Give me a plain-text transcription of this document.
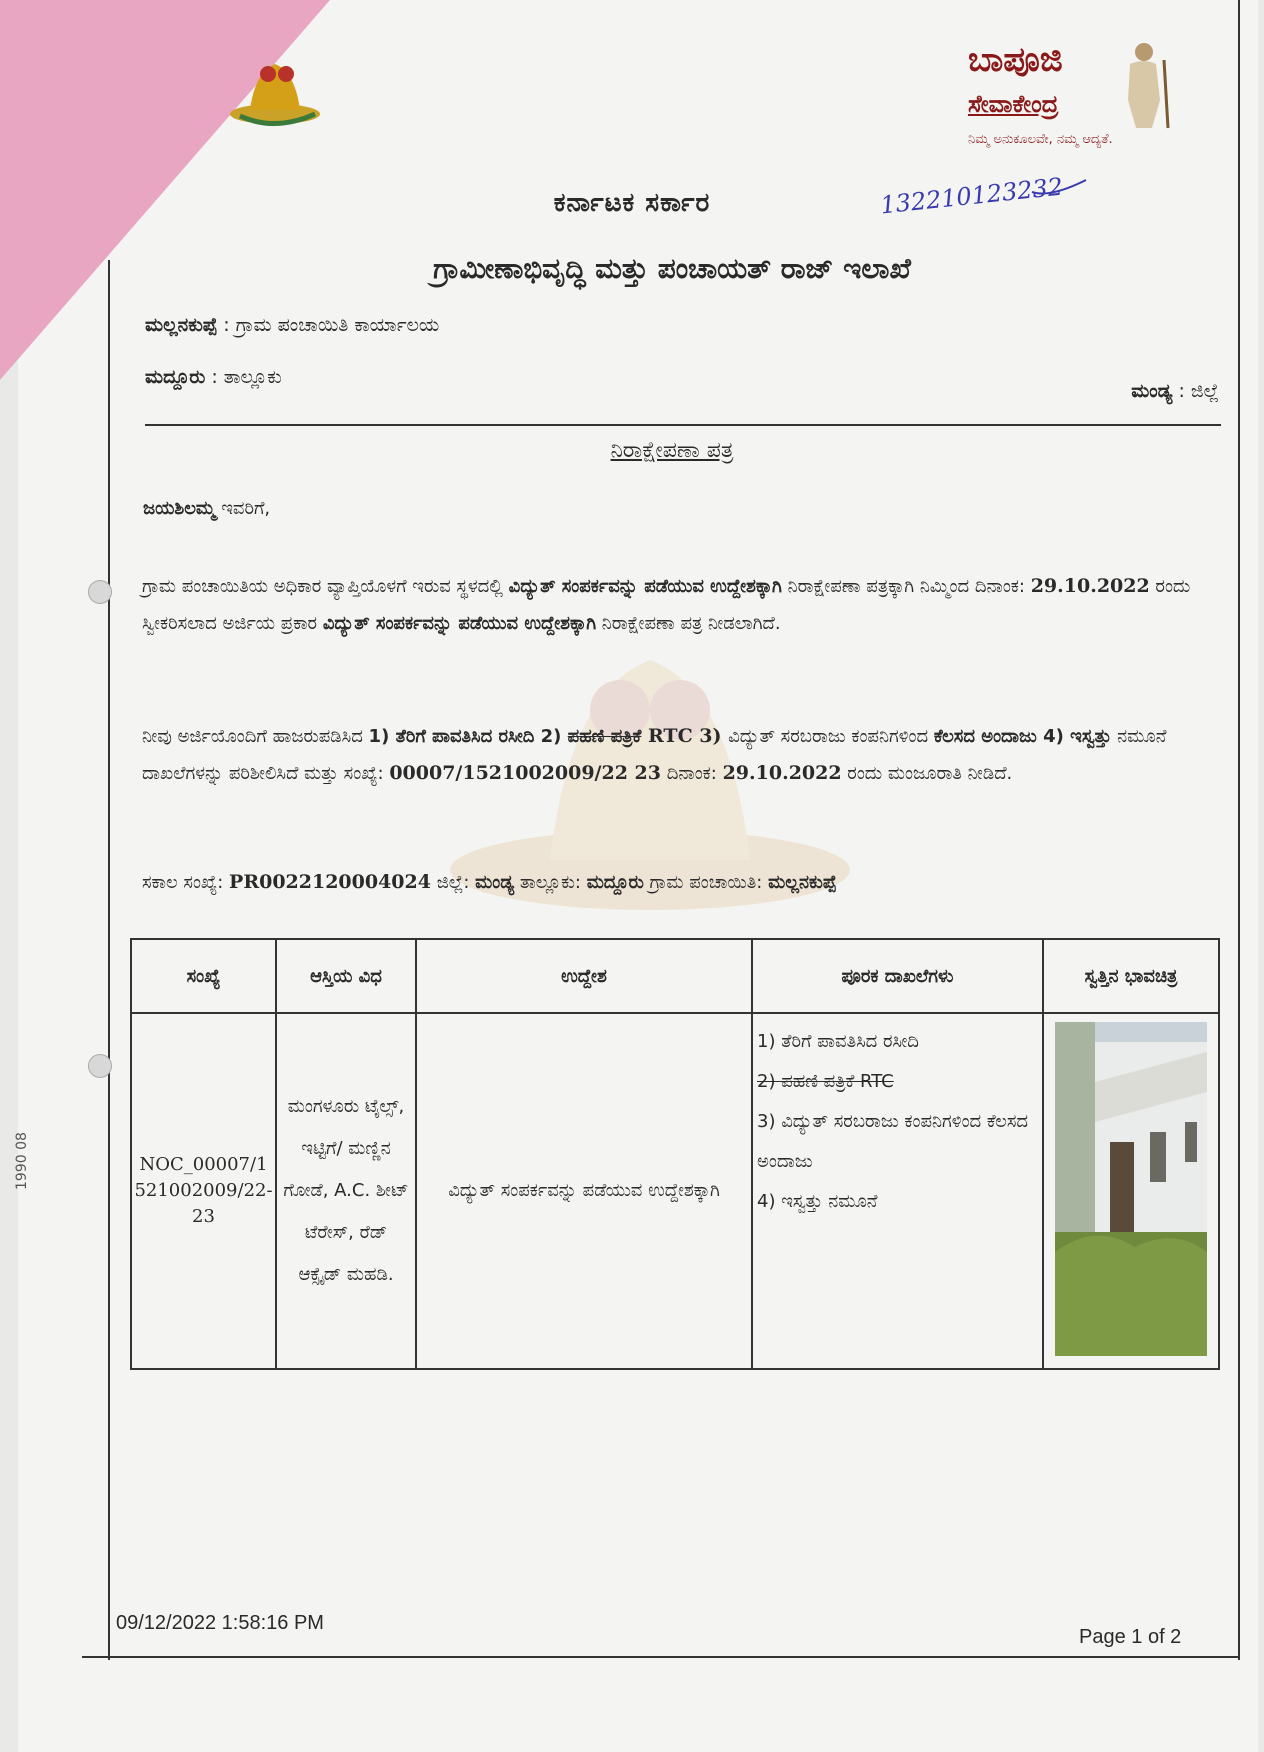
ಬಾಪೂಜಿ
ಸೇವಾಕೇಂದ್ರ
ನಿಮ್ಮ ಅನುಕೂಲವೇ, ನಮ್ಮ ಆದ್ಯತೆ.
132210123232
ಕರ್ನಾಟಕ ಸರ್ಕಾರ
ಗ್ರಾಮೀಣಾಭಿವೃದ್ಧಿ ಮತ್ತು ಪಂಚಾಯತ್ ರಾಜ್ ಇಲಾಖೆ
ಮಲ್ಲನಕುಪ್ಪೆ : ಗ್ರಾಮ ಪಂಚಾಯಿತಿ ಕಾರ್ಯಾಲಯ
ಮದ್ದೂರು : ತಾಲ್ಲೂಕು
ಮಂಡ್ಯ : ಜಿಲ್ಲೆ
ನಿರಾಕ್ಷೇಪಣಾ ಪತ್ರ
ಜಯಶಿಲಮ್ಮ ಇವರಿಗೆ,
ಗ್ರಾಮ ಪಂಚಾಯಿತಿಯ ಅಧಿಕಾರ ವ್ಯಾಪ್ತಿಯೊಳಗೆ ಇರುವ ಸ್ಥಳದಲ್ಲಿ ವಿದ್ಯುತ್ ಸಂಪರ್ಕವನ್ನು ಪಡೆಯುವ ಉದ್ದೇಶಕ್ಕಾಗಿ ನಿರಾಕ್ಷೇಪಣಾ ಪತ್ರಕ್ಕಾಗಿ ನಿಮ್ಮಿಂದ ದಿನಾಂಕ: 29.10.2022 ರಂದು ಸ್ವೀಕರಿಸಲಾದ ಅರ್ಜಿಯ ಪ್ರಕಾರ ವಿದ್ಯುತ್ ಸಂಪರ್ಕವನ್ನು ಪಡೆಯುವ ಉದ್ದೇಶಕ್ಕಾಗಿ ನಿರಾಕ್ಷೇಪಣಾ ಪತ್ರ ನೀಡಲಾಗಿದೆ.
ನೀವು ಅರ್ಜಿಯೊಂದಿಗೆ ಹಾಜರುಪಡಿಸಿದ 1) ತೆರಿಗೆ ಪಾವತಿಸಿದ ರಸೀದಿ 2) ಪಹಣಿ ಪತ್ರಿಕೆ RTC 3) ವಿದ್ಯುತ್ ಸರಬರಾಜು ಕಂಪನಿಗಳಿಂದ ಕೆಲಸದ ಅಂದಾಜು 4) ಇಸ್ವತ್ತು ನಮೂನೆ ದಾಖಲೆಗಳನ್ನು ಪರಿಶೀಲಿಸಿದೆ ಮತ್ತು ಸಂಖ್ಯೆ: 00007/1521002009/22 23 ದಿನಾಂಕ: 29.10.2022 ರಂದು ಮಂಜೂರಾತಿ ನೀಡಿದೆ.
ಸಕಾಲ ಸಂಖ್ಯೆ: PR0022120004024 ಜಿಲ್ಲೆ: ಮಂಡ್ಯ ತಾಲ್ಲೂಕು: ಮದ್ದೂರು ಗ್ರಾಮ ಪಂಚಾಯಿತಿ: ಮಲ್ಲನಕುಪ್ಪೆ
ಸಂಖ್ಯೆ	ಆಸ್ತಿಯ ವಿಧ	ಉದ್ದೇಶ	ಪೂರಕ ದಾಖಲೆಗಳು	ಸ್ವತ್ತಿನ ಭಾವಚಿತ್ರ
NOC_00007/1521002009/22-23	ಮಂಗಳೂರು ಟೈಲ್ಸ್, ಇಟ್ಟಿಗೆ/ ಮಣ್ಣಿನ ಗೋಡೆ, A.C. ಶೀಟ್ ಟೆರೇಸ್, ರೆಡ್ ಆಕ್ಸೈಡ್ ಮಹಡಿ.	ವಿದ್ಯುತ್ ಸಂಪರ್ಕವನ್ನು ಪಡೆಯುವ ಉದ್ದೇಶಕ್ಕಾಗಿ	1) ತೆರಿಗೆ ಪಾವತಿಸಿದ ರಸೀದಿ
2) ಪಹಣಿ ಪತ್ರಿಕೆ RTC
3) ವಿದ್ಯುತ್ ಸರಬರಾಜು ಕಂಪನಿಗಳಿಂದ ಕೆಲಸದ ಅಂದಾಜು
4) ಇಸ್ವತ್ತು ನಮೂನೆ

09/12/2022 1:58:16 PM
Page 1 of 2
1990 08
